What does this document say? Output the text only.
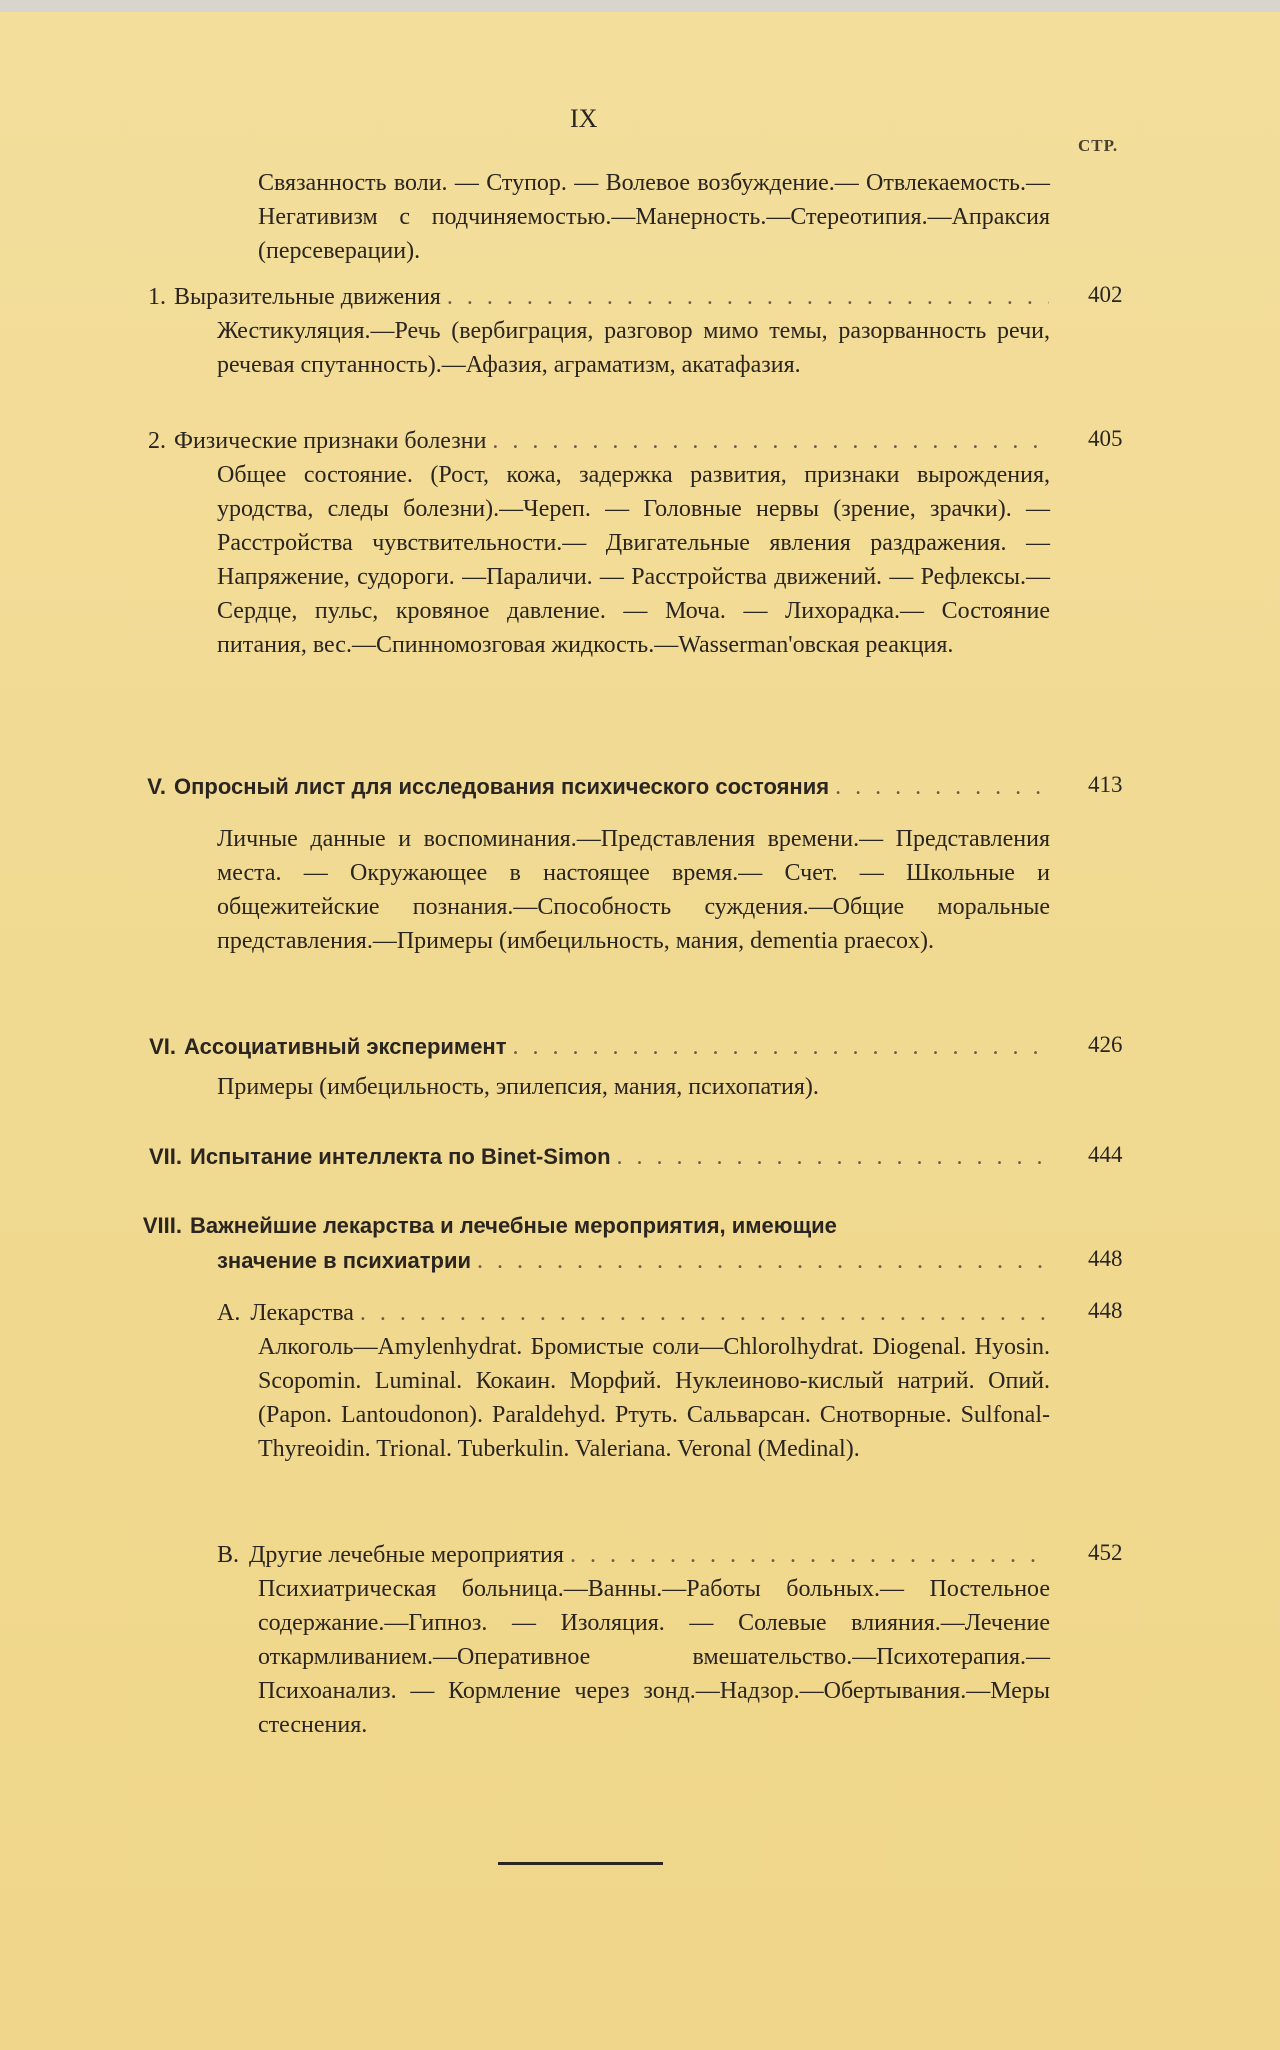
IX
СТР.
Связанность воли. — Ступор. — Волевое возбуждение.— Отвлекаемость.—Негативизм с подчиняемостью.—Манерность.—Стереотипия.—Апраксия (персеверации).
1. Выразительные движения . . .	402
Жестикуляция.—Речь (вербиграция, разговор мимо темы, разорванность речи, речевая спутанность).—Афазия, аграматизм, акатафазия.
2. Физические признаки болезни . . .	405
Общее состояние. (Рост, кожа, задержка развития, признаки вырождения, уродства, следы болезни).—Череп. — Головные нервы (зрение, зрачки). — Расстройства чувствительности.— Двигательные явления раздражения. — Напряжение, судороги. —Параличи. — Расстройства движений. — Рефлексы.— Сердце, пульс, кровяное давление. — Моча. — Лихорадка.— Состояние питания, вес.—Спинномозговая жидкость.—Wasserman'овская реакция.
V. Опросный лист для исследования психического состояния . . .	413
Личные данные и воспоминания.—Представления времени.— Представления места. — Окружающее в настоящее время.— Счет. — Школьные и общежитейские познания.—Способность суждения.—Общие моральные представления.—Примеры (имбецильность, мания, dementia praecox).
VI. Ассоциативный эксперимент . . .	426
Примеры (имбецильность, эпилепсия, мания, психопатия).
VII. Испытание интеллекта по Binet-Simon . . .	444
VIII. Важнейшие лекарства и лечебные мероприятия, имеющие
значение в психиатрии . . .	448
A. Лекарства . . .	448
Алкоголь—Amylenhydrat. Бромистые соли—Chlorolhydrat. Diogenal. Hyosin. Scopomin. Luminal. Кокаин. Морфий. Нуклеиново-кислый натрий. Опий. (Papon. Lantoudonon). Paraldehyd. Ртуть. Сальварсан. Снотворные. Sulfonal- Thyreoidin. Trional. Tuberkulin. Valeriana. Veronal (Medinal).
B. Другие лечебные мероприятия . . .	452
Психиатрическая больница.—Ванны.—Работы больных.— Постельное содержание.—Гипноз. — Изоляция. — Солевые влияния.—Лечение откармливанием.—Оперативное вмешательство.—Психотерапия.—Психоанализ. — Кормление через зонд.—Надзор.—Обертывания.—Меры стеснения.
